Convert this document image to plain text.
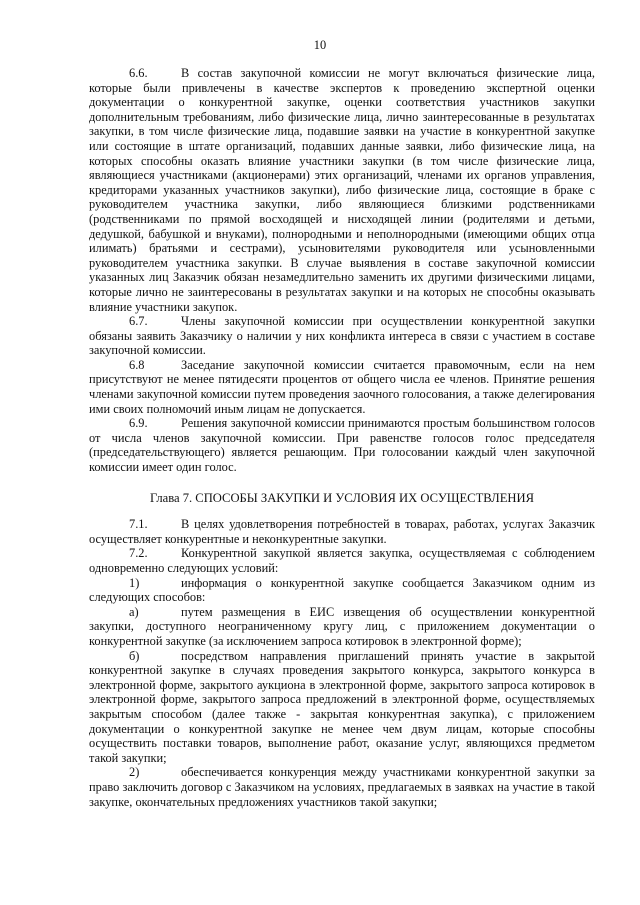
10

6.6.	В состав закупочной комиссии не могут включаться физические лица, которые были привлечены в качестве экспертов к проведению экспертной оценки документации о конкурентной закупке, оценки соответствия участников закупки дополнительным требованиям, либо физические лица, лично заинтересованные в результатах закупки, в том числе физические лица, подавшие заявки на участие в конкурентной закупке или состоящие в штате организаций, подавших данные заявки, либо физические лица, на которых способны оказать влияние участники закупки (в том числе физические лица, являющиеся участниками (акционерами) этих организаций, членами их органов управления, кредиторами указанных участников закупки), либо физические лица, состоящие в браке с руководителем участника закупки, либо являющиеся близкими родственниками (родственниками по прямой восходящей и нисходящей линии (родителями и детьми, дедушкой, бабушкой и внуками), полнородными и неполнородными (имеющими общих отца илимать) братьями и сестрами), усыновителями руководителя или усыновленными руководителем участника закупки. В случае выявления в составе закупочной комиссии указанных лиц Заказчик обязан незамедлительно заменить их другими физическими лицами, которые лично не заинтересованы в результатах закупки и на которых не способны оказывать влияние участники закупок.

6.7.	Члены закупочной комиссии при осуществлении конкурентной закупки обязаны заявить Заказчику о наличии у них конфликта интереса в связи с участием в составе закупочной комиссии.

6.8	Заседание закупочной комиссии считается правомочным, если на нем присутствуют не менее пятидесяти процентов от общего числа ее членов. Принятие решения членами закупочной комиссии путем проведения заочного голосования, а также делегирования ими своих полномочий иным лицам не допускается.

6.9.	Решения закупочной комиссии принимаются простым большинством голосов от числа членов закупочной комиссии. При равенстве голосов голос председателя (председательствующего) является решающим. При голосовании каждый член закупочной комиссии имеет один голос.

Глава 7. СПОСОБЫ ЗАКУПКИ И УСЛОВИЯ ИХ ОСУЩЕСТВЛЕНИЯ

7.1.	В целях удовлетворения потребностей в товарах, работах, услугах Заказчик осуществляет конкурентные и неконкурентные закупки.

7.2.	Конкурентной закупкой является закупка, осуществляемая с соблюдением одновременно следующих условий:

1)	информация о конкурентной закупке сообщается Заказчиком одним из следующих способов:

а)	путем размещения в ЕИС извещения об осуществлении конкурентной закупки, доступного неограниченному кругу лиц, с приложением документации о конкурентной закупке (за исключением запроса котировок в электронной форме);

б)	посредством направления приглашений принять участие в закрытой конкурентной закупке в случаях проведения закрытого конкурса, закрытого конкурса в электронной форме, закрытого аукциона в электронной форме, закрытого запроса котировок в электронной форме, закрытого запроса предложений в электронной форме, осуществляемых закрытым способом (далее также - закрытая конкурентная закупка), с приложением документации о конкурентной закупке не менее чем двум лицам, которые способны осуществить поставки товаров, выполнение работ, оказание услуг, являющихся предметом такой закупки;

2)	обеспечивается конкуренция между участниками конкурентной закупки за право заключить договор с Заказчиком на условиях, предлагаемых в заявках на участие в такой закупке, окончательных предложениях участников такой закупки;
